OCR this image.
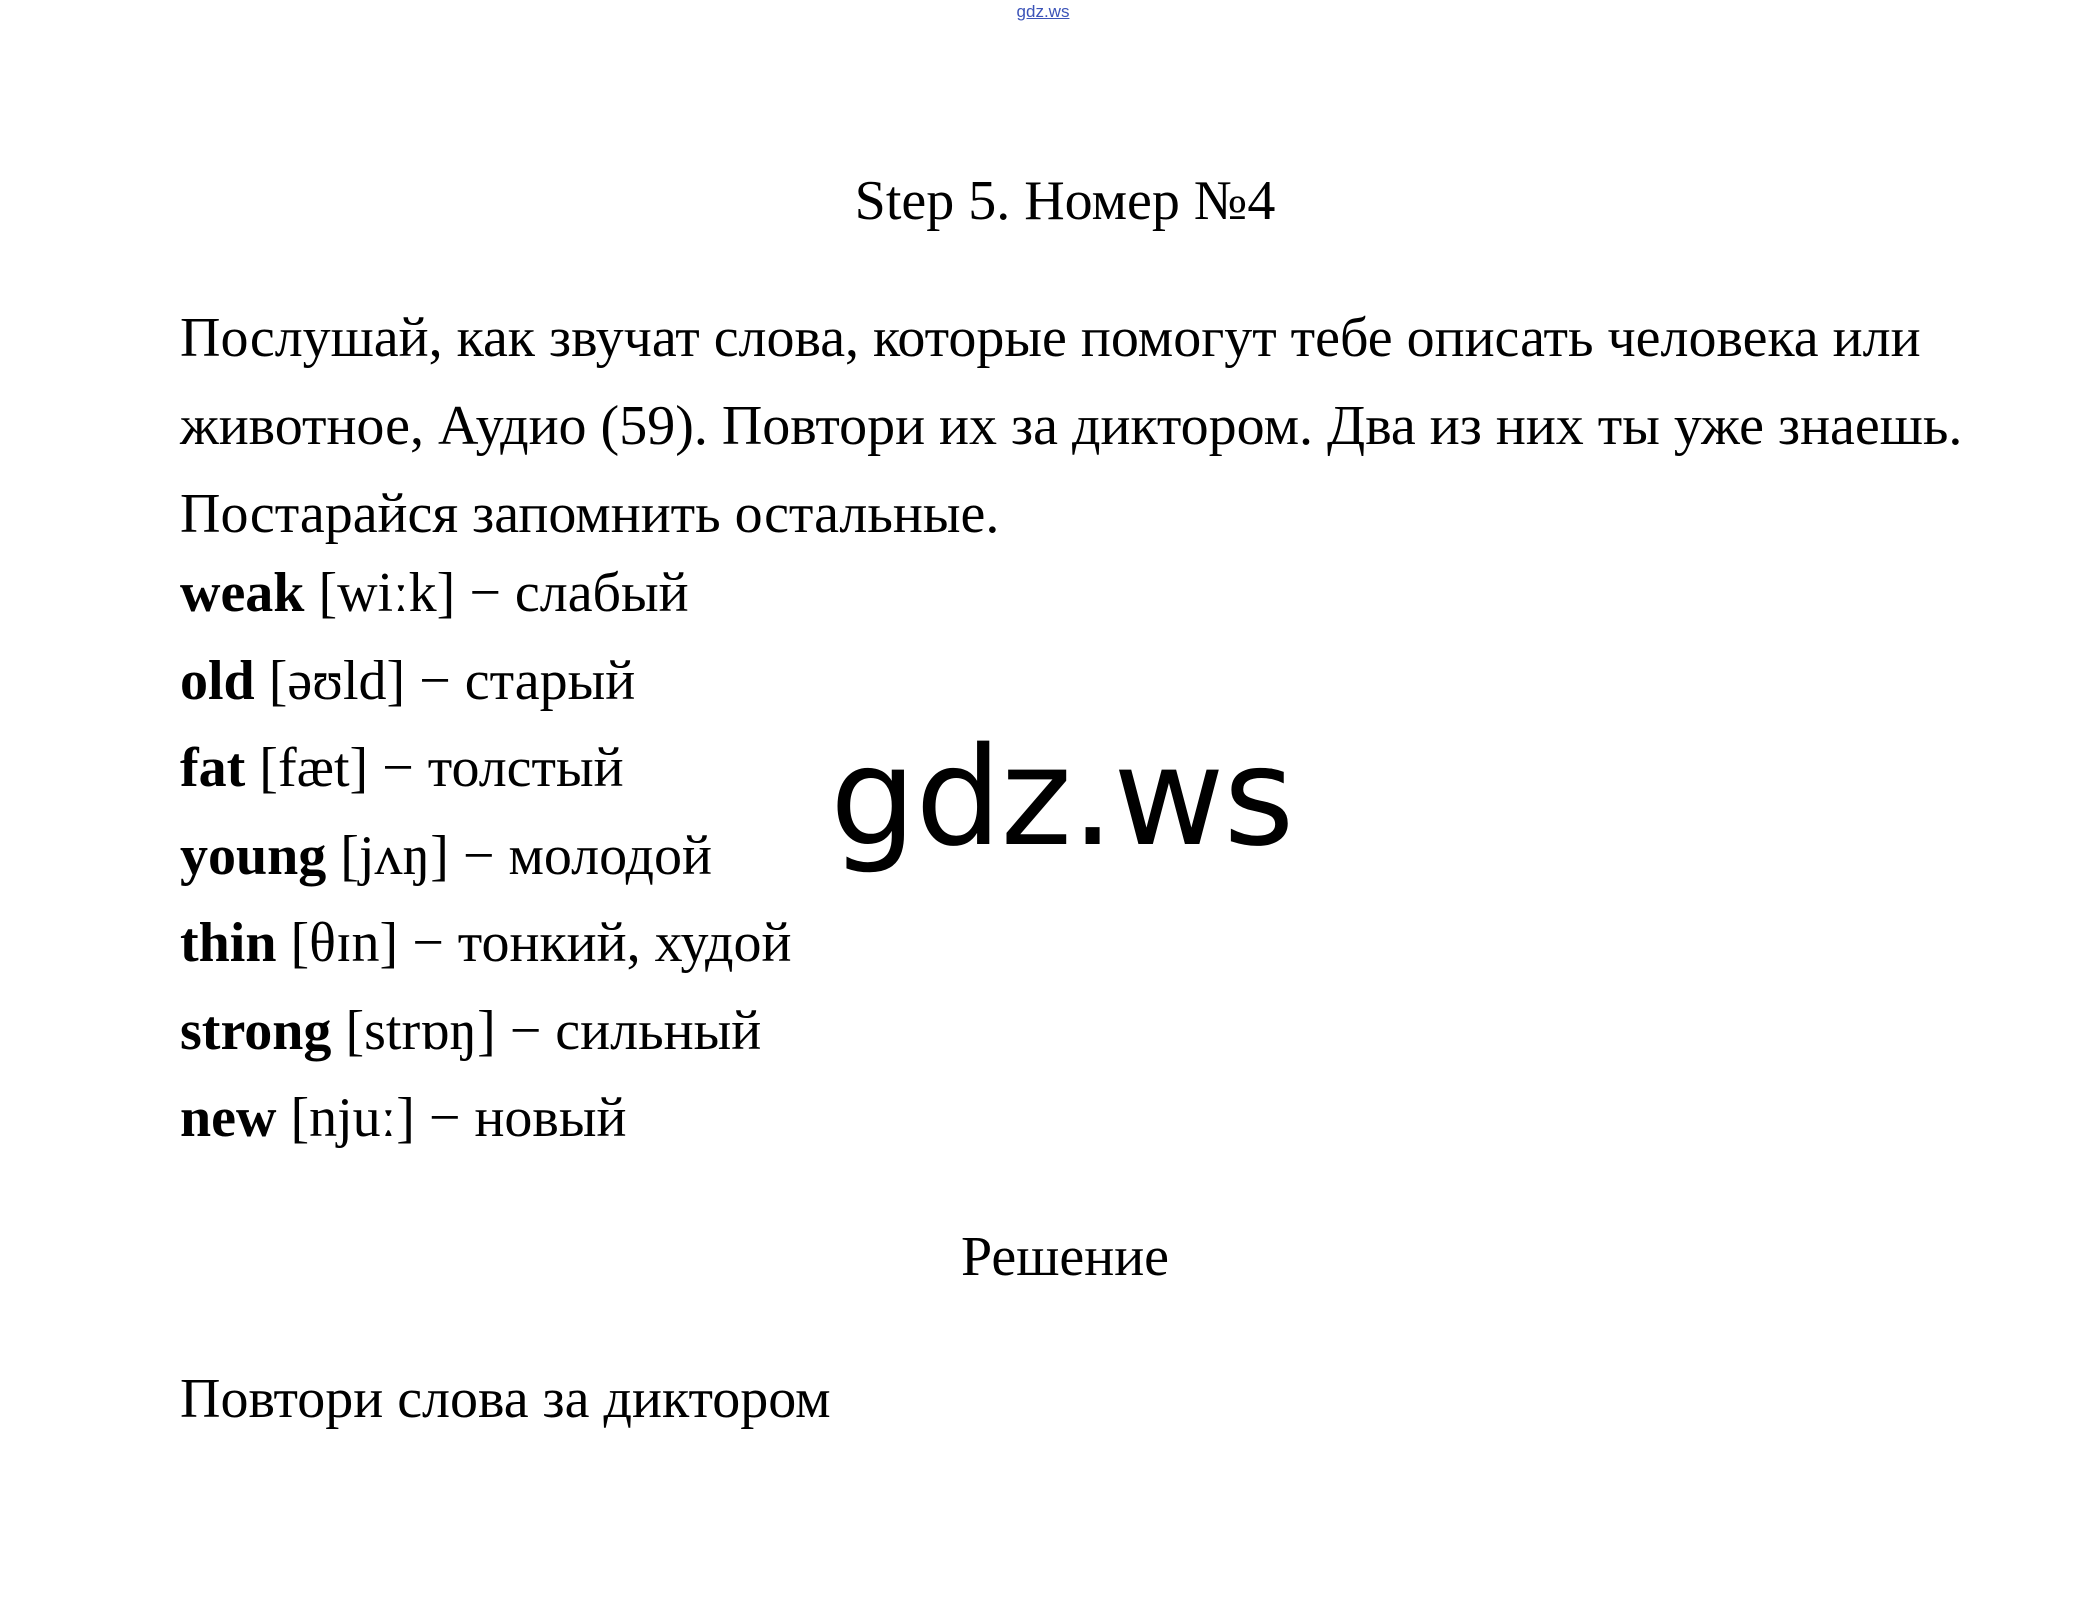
gdz.ws
Step 5. Номер №4
Послушай, как звучат слова, которые помогут тебе описать человека или животное, Аудио (59). Повтори их за диктором. Два из них ты уже знаешь. Постарайся запомнить остальные.
weak [wiːk] − слабый
old [əʊld] − старый
fat [fæt] − толстый
young [jʌŋ] − молодой
thin [θɪn] − тонкий, худой
strong [strɒŋ] − сильный
new [njuː] − новый
gdz.ws
Решение
Повтори слова за диктором
